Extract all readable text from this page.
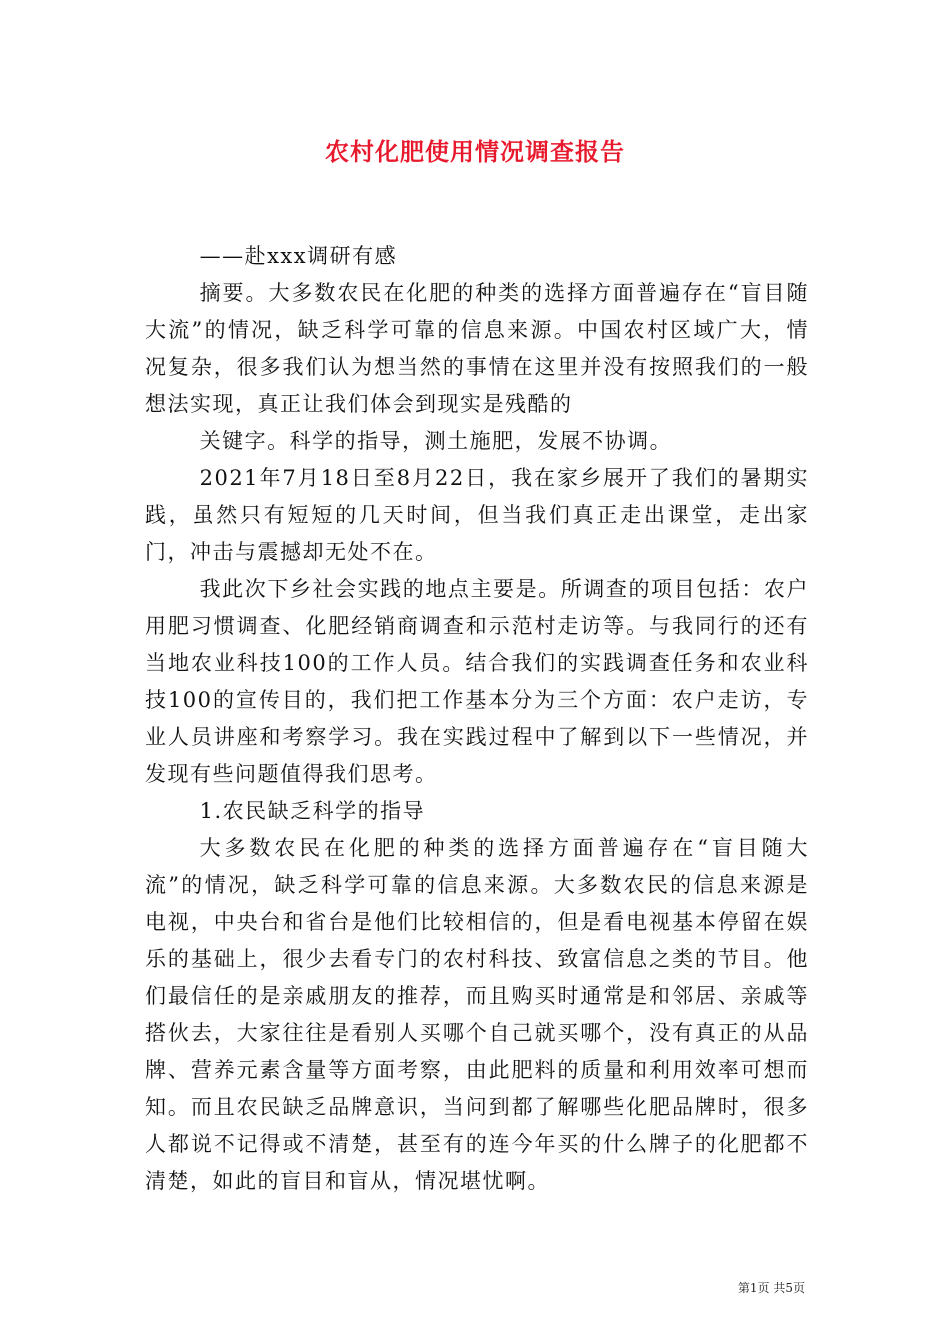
农村化肥使用情况调查报告

——赴xxx调研有感

摘要。大多数农民在化肥的种类的选择方面普遍存在“盲目随大流”的情况，缺乏科学可靠的信息来源。中国农村区域广大，情况复杂，很多我们认为想当然的事情在这里并没有按照我们的一般想法实现，真正让我们体会到现实是残酷的

关键字。科学的指导，测土施肥，发展不协调。

2021年7月18日至8月22日，我在家乡展开了我们的暑期实践，虽然只有短短的几天时间，但当我们真正走出课堂，走出家门，冲击与震撼却无处不在。

我此次下乡社会实践的地点主要是。所调查的项目包括：农户用肥习惯调查、化肥经销商调查和示范村走访等。与我同行的还有当地农业科技100的工作人员。结合我们的实践调查任务和农业科技100的宣传目的，我们把工作基本分为三个方面：农户走访，专业人员讲座和考察学习。我在实践过程中了解到以下一些情况，并发现有些问题值得我们思考。

1.农民缺乏科学的指导

大多数农民在化肥的种类的选择方面普遍存在“盲目随大流”的情况，缺乏科学可靠的信息来源。大多数农民的信息来源是电视，中央台和省台是他们比较相信的，但是看电视基本停留在娱乐的基础上，很少去看专门的农村科技、致富信息之类的节目。他们最信任的是亲戚朋友的推荐，而且购买时通常是和邻居、亲戚等搭伙去，大家往往是看别人买哪个自己就买哪个，没有真正的从品牌、营养元素含量等方面考察，由此肥料的质量和利用效率可想而知。而且农民缺乏品牌意识，当问到都了解哪些化肥品牌时，很多人都说不记得或不清楚，甚至有的连今年买的什么牌子的化肥都不清楚，如此的盲目和盲从，情况堪忧啊。

第1页 共5页
